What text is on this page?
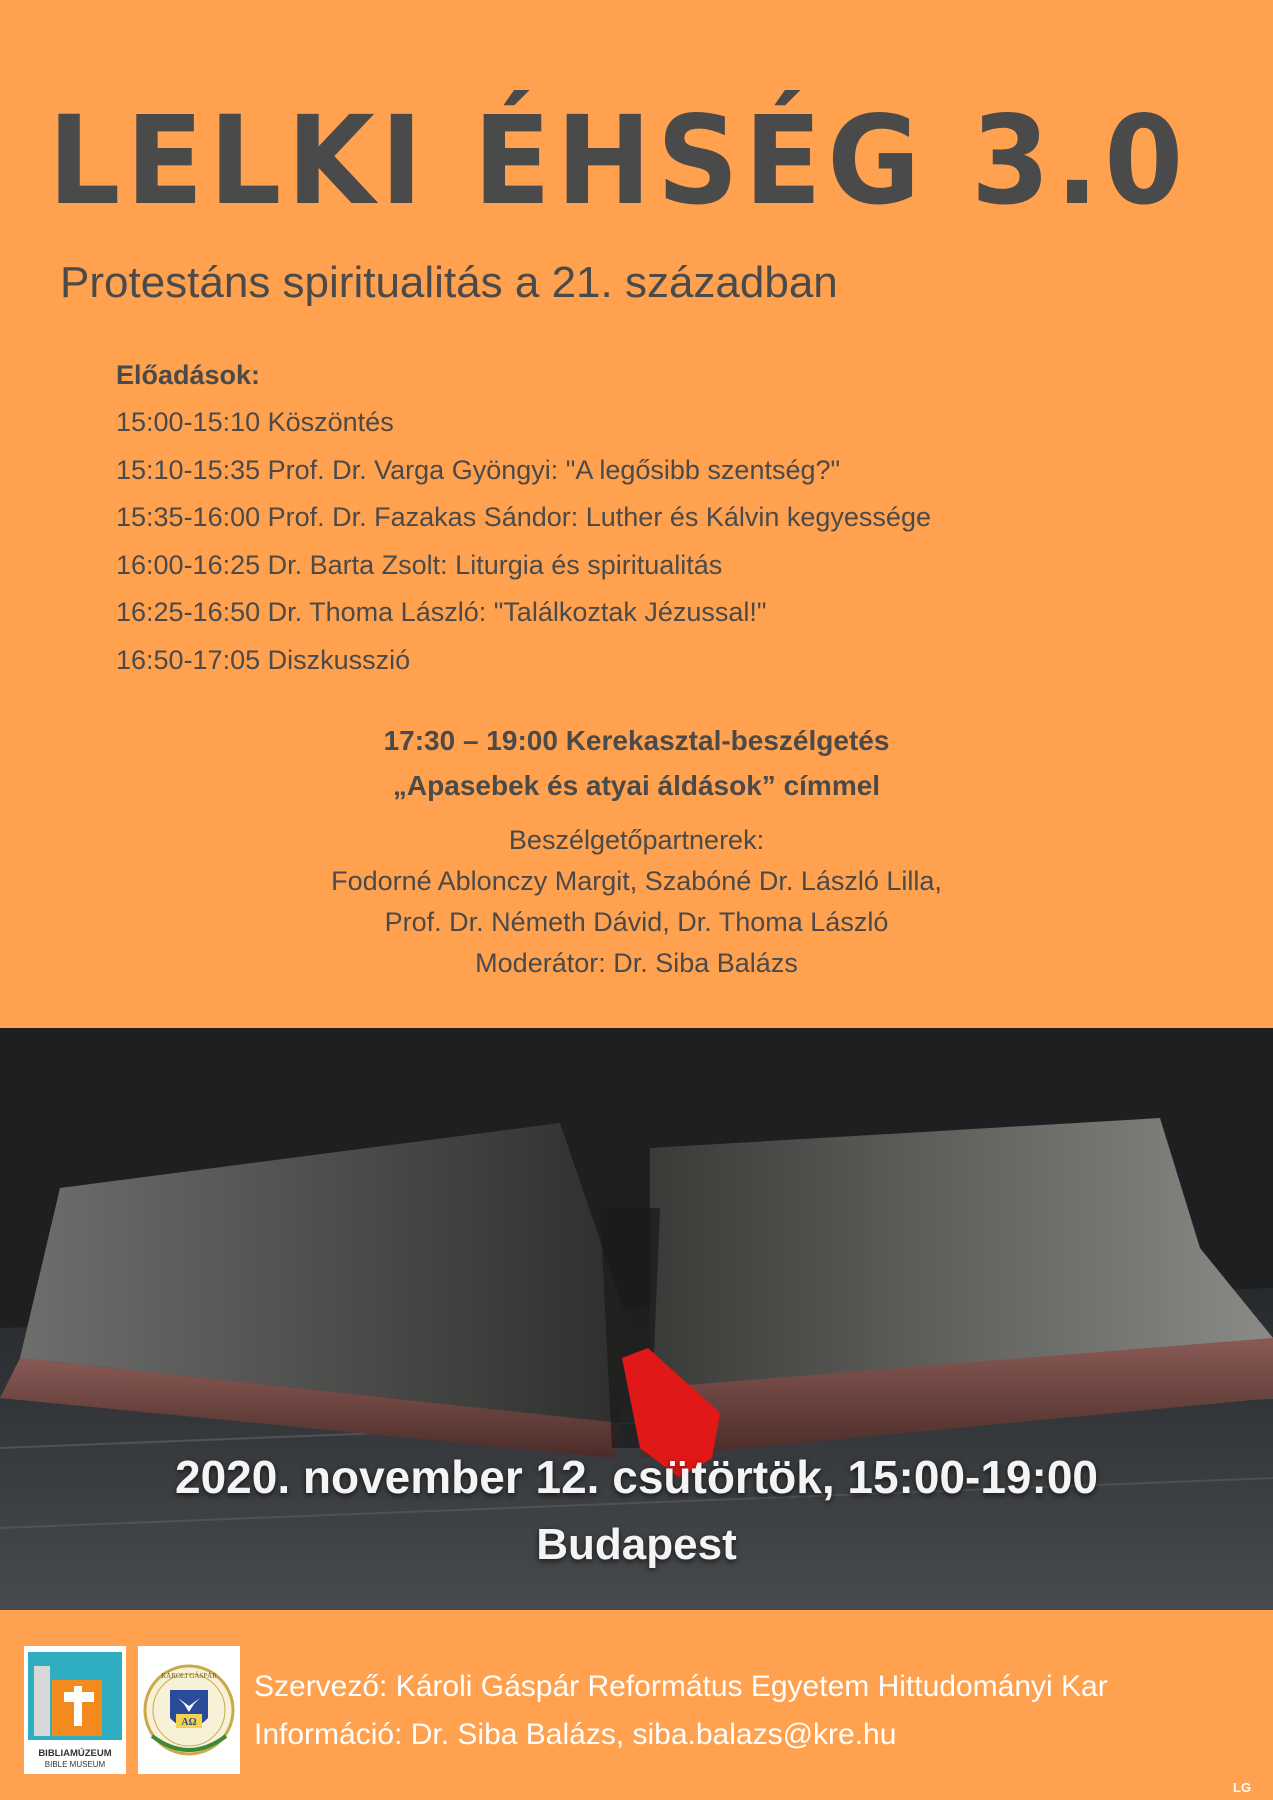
LELKI ÉHSÉG 3.0
Protestáns spiritualitás a 21. században
Előadások:
15:00-15:10 Köszöntés
15:10-15:35 Prof. Dr. Varga Gyöngyi: "A legősibb szentség?"
15:35-16:00 Prof. Dr. Fazakas Sándor: Luther és Kálvin kegyessége
16:00-16:25 Dr. Barta Zsolt: Liturgia és spiritualitás
16:25-16:50 Dr. Thoma László: "Találkoztak Jézussal!"
16:50-17:05 Diszkusszió
17:30 – 19:00 Kerekasztal-beszélgetés
„Apasebek és atyai áldások” címmel
Beszélgetőpartnerek:
Fodorné Ablonczy Margit, Szabóné Dr. László Lilla,
Prof. Dr. Németh Dávid, Dr. Thoma László
Moderátor: Dr. Siba Balázs
2020. november 12. csütörtök, 15:00-19:00
Budapest
BIBLIAMÚZEUM
BIBLE MUSEUM
KÁROLI GÁSPÁR
AΩ
Szervező: Károli Gáspár Református Egyetem Hittudományi Kar
Információ: Dr. Siba Balázs, siba.balazs@kre.hu
LG
